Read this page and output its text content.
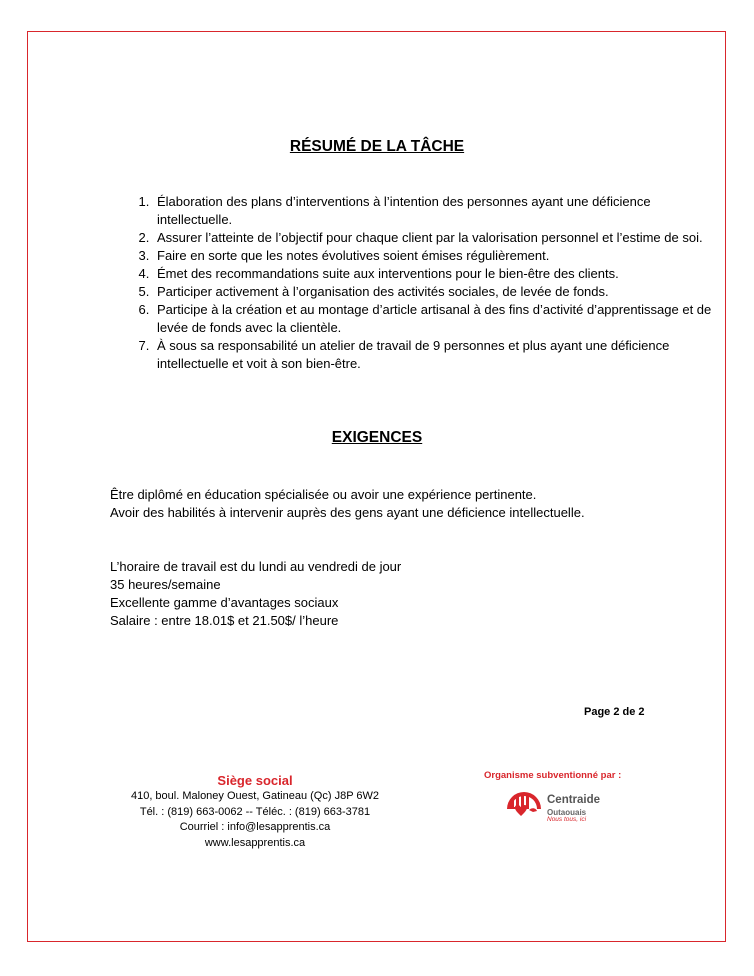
RÉSUMÉ DE LA TÂCHE
1. Élaboration des plans d’interventions à l’intention des personnes ayant une déficience intellectuelle.
2. Assurer l’atteinte de l’objectif pour chaque client par la valorisation personnel et l’estime de soi.
3. Faire en sorte que les notes évolutives soient émises régulièrement.
4. Émet des recommandations suite aux interventions pour le bien-être des clients.
5. Participer activement à l’organisation des activités sociales, de levée de fonds.
6. Participe à la création et au montage d’article artisanal à des fins d’activité d’apprentissage et de levée de fonds avec la clientèle.
7. À sous sa responsabilité un atelier de travail de 9 personnes et plus ayant une déficience intellectuelle et voit à son bien-être.
EXIGENCES
Être diplômé en éducation spécialisée ou avoir une expérience pertinente.
Avoir des habilités à intervenir auprès des gens ayant une déficience intellectuelle.
L’horaire de travail est du lundi au vendredi de jour
35 heures/semaine
Excellente gamme d’avantages sociaux
Salaire : entre 18.01$ et 21.50$/ l’heure
Page 2 de 2
Siège social
410, boul. Maloney Ouest, Gatineau (Qc) J8P 6W2
Tél. : (819) 663-0062 -- Téléc. : (819) 663-3781
Courriel : info@lesapprentis.ca
www.lesapprentis.ca
Organisme subventionné par :
Centraide
Outaouais
Nous tous, ici
